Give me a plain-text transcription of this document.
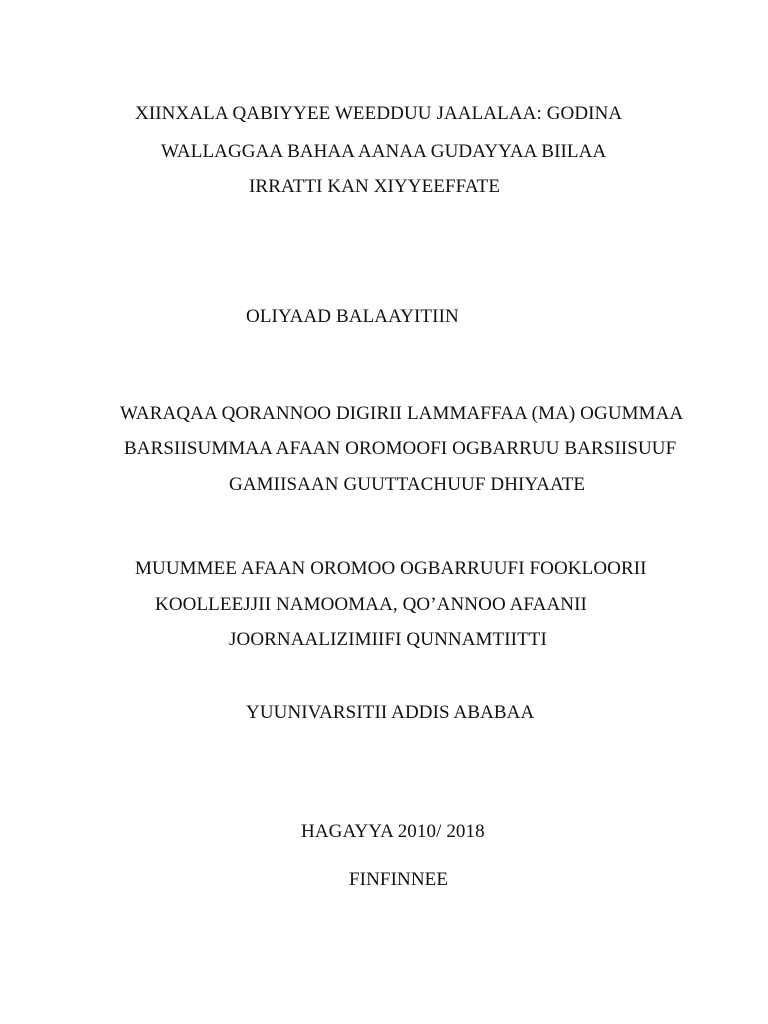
XIINXALA QABIYYEE WEEDDUU JAALALAA: GODINA
WALLAGGAA BAHAA AANAA GUDAYYAA BIILAA
IRRATTI KAN XIYYEEFFATE
OLIYAAD BALAAYITIIN
WARAQAA QORANNOO DIGIRII LAMMAFFAA (MA) OGUMMAA
BARSIISUMMAA AFAAN OROMOOFI OGBARRUU BARSIISUUF
GAMIISAAN GUUTTACHUUF DHIYAATE
MUUMMEE AFAAN OROMOO OGBARRUUFI FOOKLOORII
KOOLLEEJJII NAMOOMAA, QO’ANNOO AFAANII
JOORNAALIZIMIIFI QUNNAMTIITTI
YUUNIVARSITII ADDIS ABABAA
HAGAYYA 2010/ 2018
FINFINNEE
